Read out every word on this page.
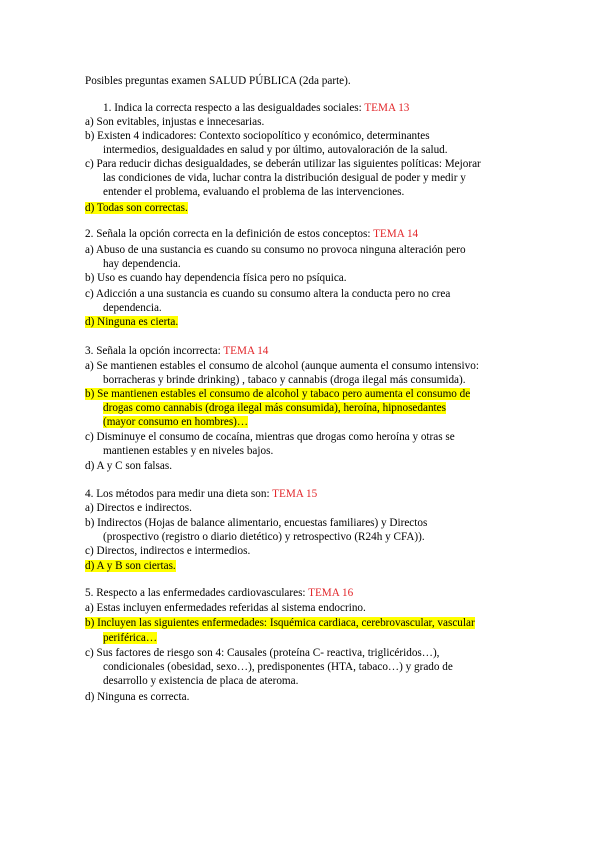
Posibles preguntas examen SALUD PÚBLICA (2da parte).
1. Indica la correcta respecto a las desigualdades sociales: TEMA 13
a) Son evitables, injustas e innecesarias.
b) Existen 4 indicadores: Contexto sociopolítico y económico, determinantes
intermedios, desigualdades en salud y por último, autovaloración de la salud.
c) Para reducir dichas desigualdades, se deberán utilizar las siguientes políticas: Mejorar
las condiciones de vida, luchar contra la distribución desigual de poder y medir y
entender el problema, evaluando el problema de las intervenciones.
d) Todas son correctas.
2. Señala la opción correcta en la definición de estos conceptos: TEMA 14
a) Abuso de una sustancia es cuando su consumo no provoca ninguna alteración pero
hay dependencia.
b) Uso es cuando hay dependencia física pero no psíquica.
c) Adicción a una sustancia es cuando su consumo altera la conducta pero no crea
dependencia.
d) Ninguna es cierta.
3. Señala la opción incorrecta: TEMA 14
a) Se mantienen estables el consumo de alcohol (aunque aumenta el consumo intensivo:
borracheras y brinde drinking) , tabaco y cannabis (droga ilegal más consumida).
b) Se mantienen estables el consumo de alcohol y tabaco pero aumenta el consumo de
drogas como cannabis (droga ilegal más consumida), heroína, hipnosedantes
(mayor consumo en hombres)…
c) Disminuye el consumo de cocaína, mientras que drogas como heroína y otras se
mantienen estables y en niveles bajos.
d) A y C son falsas.
4. Los métodos para medir una dieta son: TEMA 15
a) Directos e indirectos.
b) Indirectos (Hojas de balance alimentario, encuestas familiares) y Directos
(prospectivo (registro o diario dietético) y retrospectivo (R24h y CFA)).
c) Directos, indirectos e intermedios.
d) A y B son ciertas.
5. Respecto a las enfermedades cardiovasculares: TEMA 16
a) Estas incluyen enfermedades referidas al sistema endocrino.
b) Incluyen las siguientes enfermedades: Isquémica cardiaca, cerebrovascular, vascular
periférica…
c) Sus factores de riesgo son 4: Causales (proteína C- reactiva, triglicéridos…),
condicionales (obesidad, sexo…), predisponentes (HTA, tabaco…) y grado de
desarrollo y existencia de placa de ateroma.
d) Ninguna es correcta.
